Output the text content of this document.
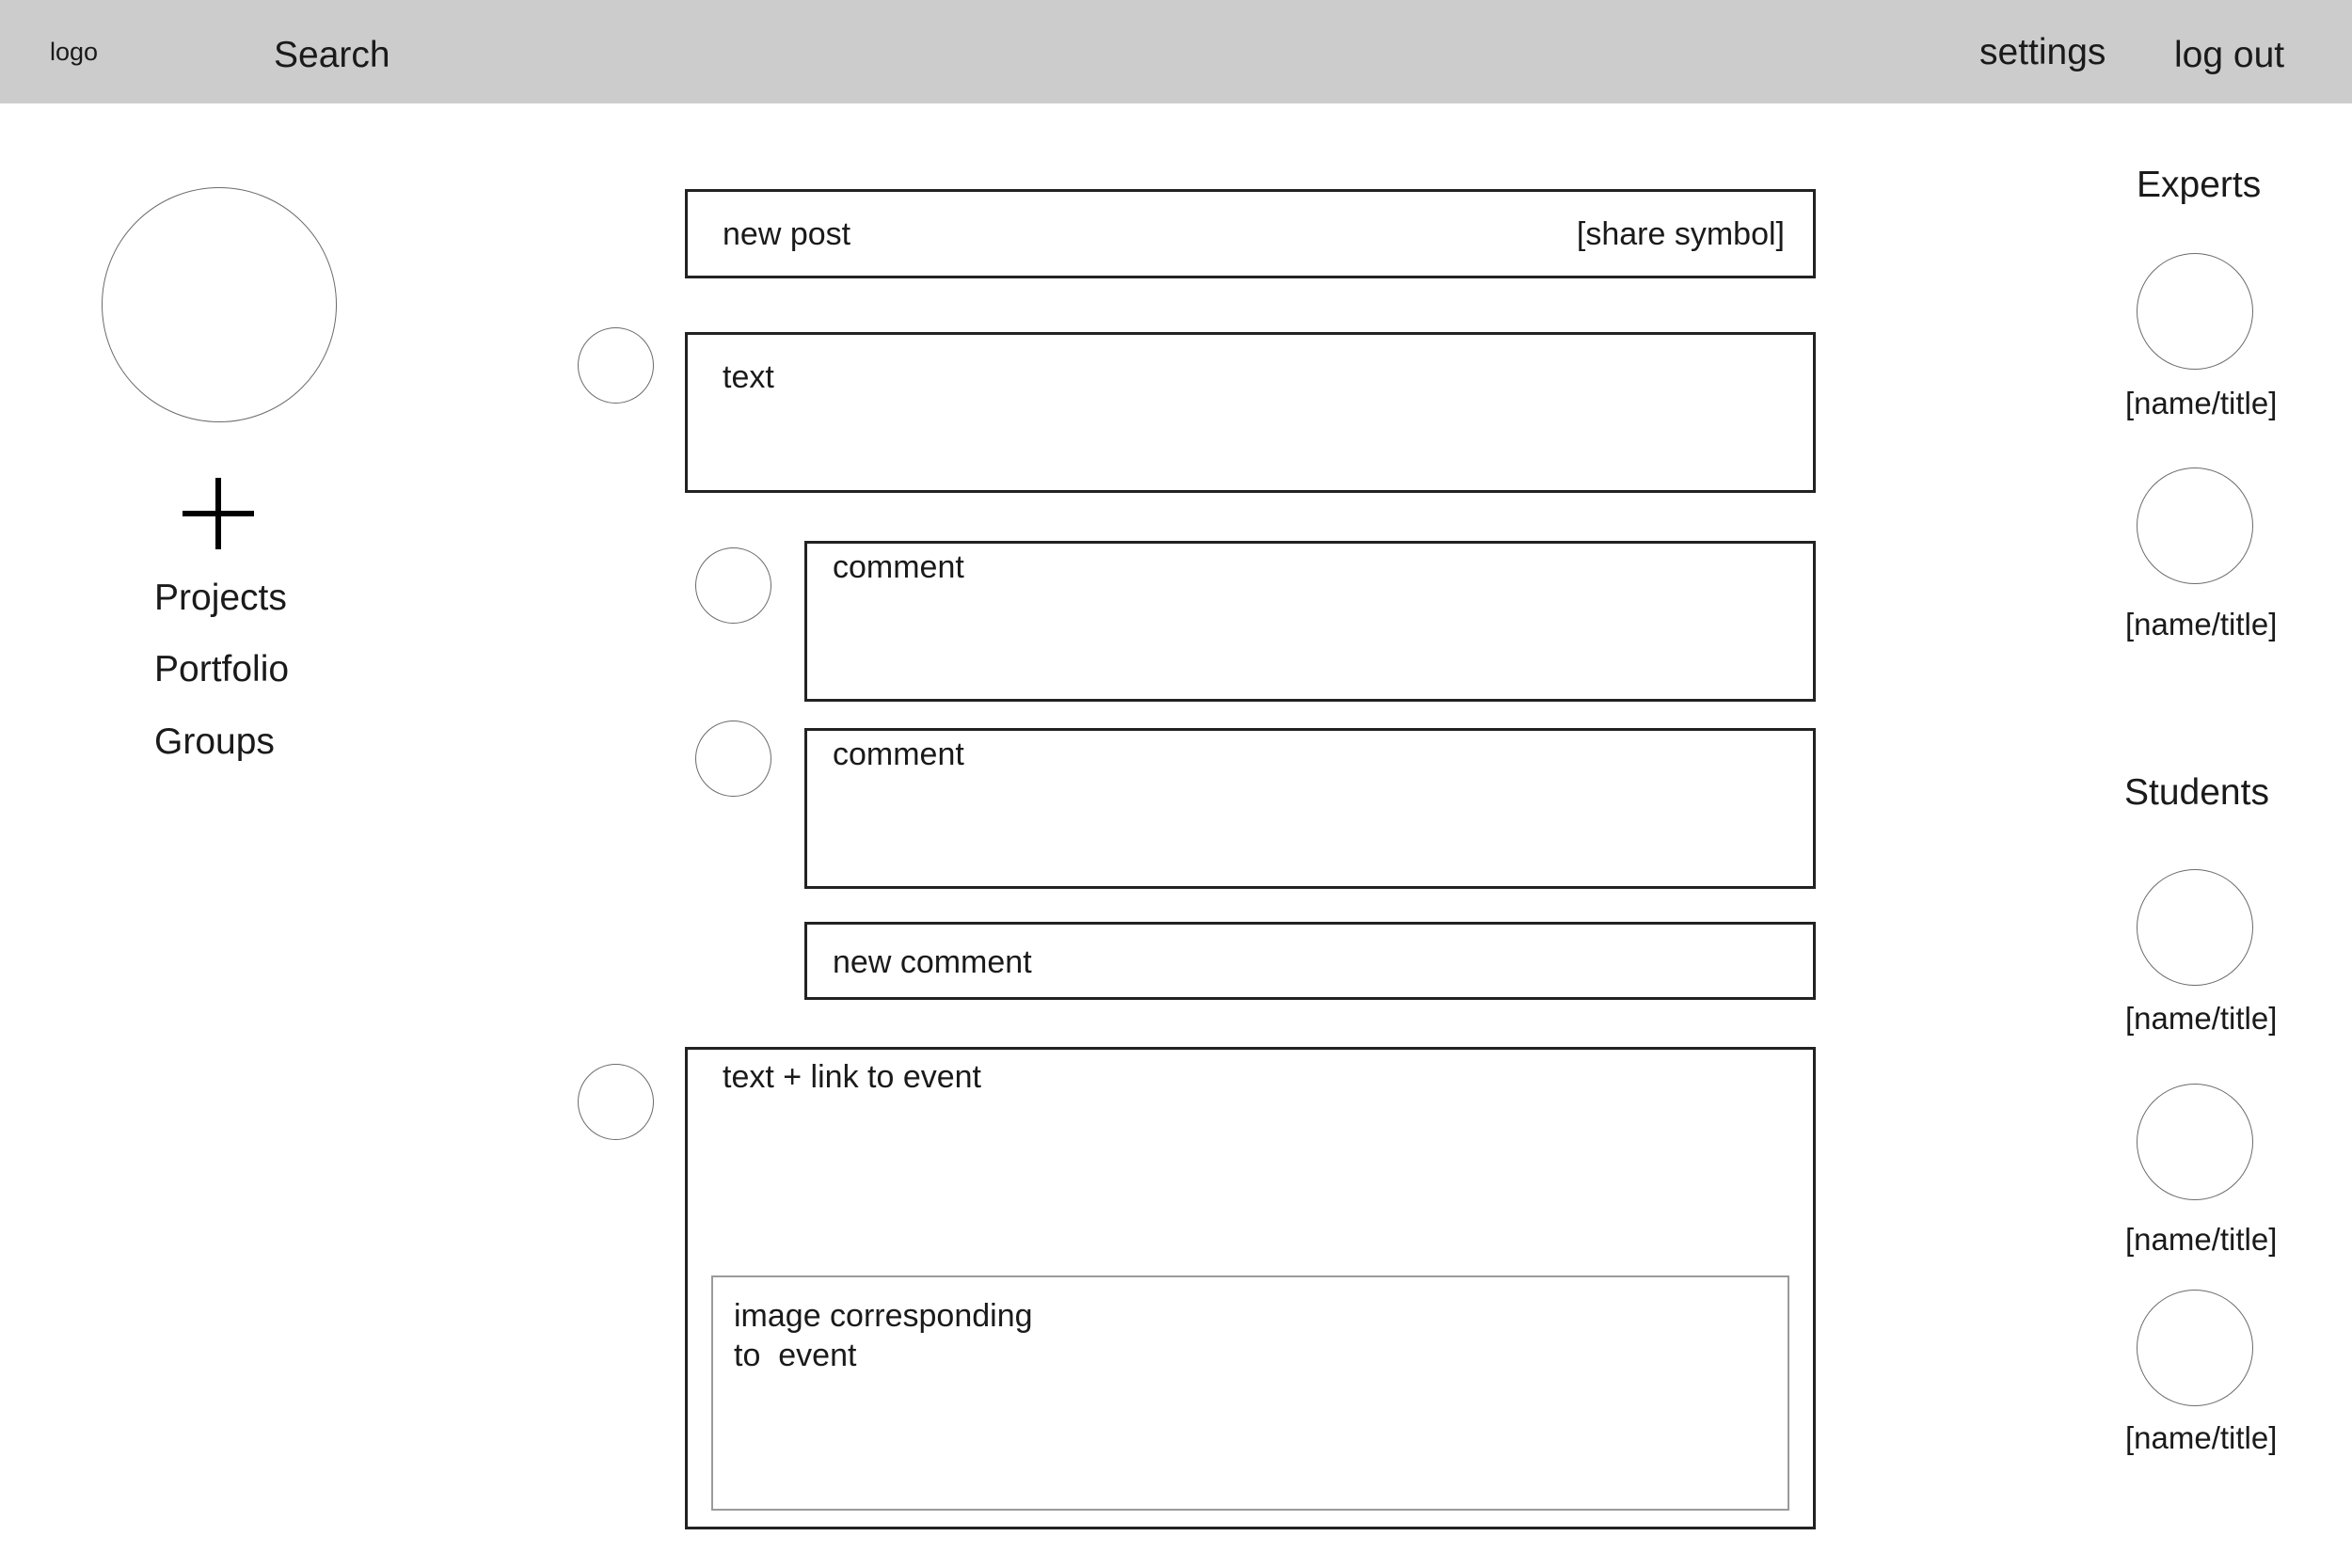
logo	Search	settings log out
Projects
Portfolio
Groups
new post	[share symbol]
text
comment
comment
new comment
text + link to event
image corresponding
to  event
Experts
[name/title]
[name/title]
Students
[name/title]
[name/title]
[name/title]
